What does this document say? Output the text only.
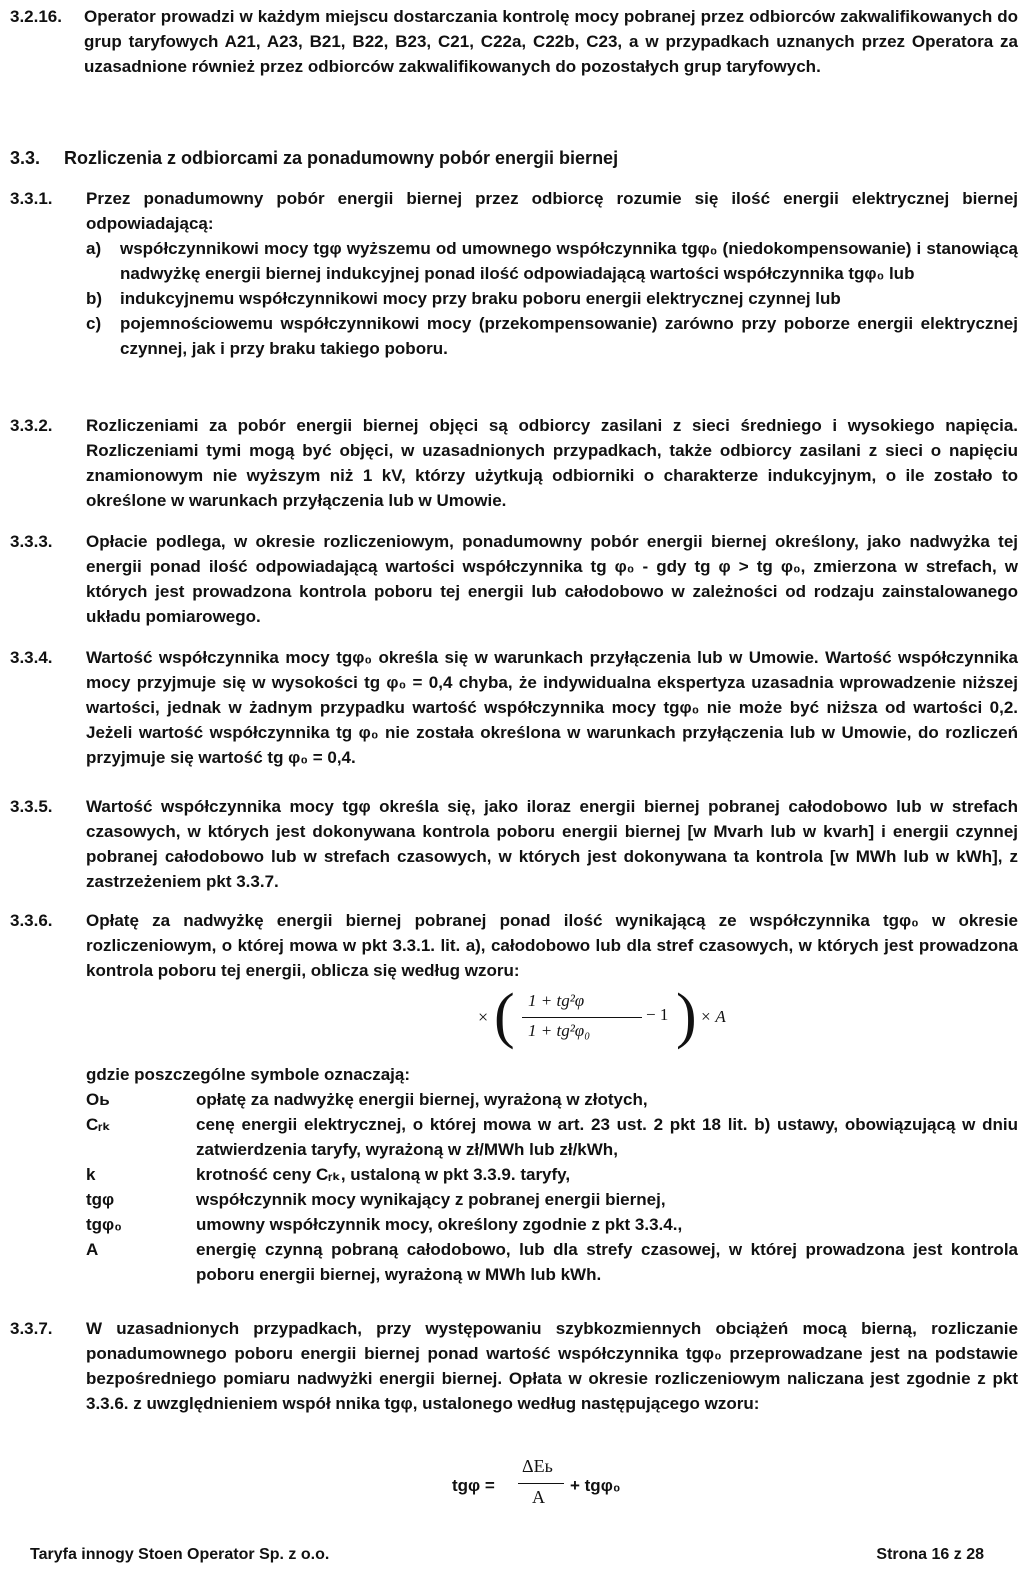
3.2.16. Operator prowadzi w każdym miejscu dostarczania kontrolę mocy pobranej przez odbiorców zakwalifikowanych do grup taryfowych A21, A23, B21, B22, B23, C21, C22a, C22b, C23, a w przypadkach uznanych przez Operatora za uzasadnione również przez odbiorców zakwalifikowanych do pozostałych grup taryfowych.
3.3. Rozliczenia z odbiorcami za ponadumowny pobór energii biernej
3.3.1. Przez ponadumowny pobór energii biernej przez odbiorcę rozumie się ilość energii elektrycznej biernej odpowiadającą:
a) współczynnikowi mocy tgφ wyższemu od umownego współczynnika tgφ₀ (niedokompensowanie) i stanowiącą nadwyżkę energii biernej indukcyjnej ponad ilość odpowiadającą wartości współczynnika tgφ₀ lub
b) indukcyjnemu współczynnikowi mocy przy braku poboru energii elektrycznej czynnej lub
c) pojemnościowemu współczynnikowi mocy (przekompensowanie) zarówno przy poborze energii elektrycznej czynnej, jak i przy braku takiego poboru.
3.3.2. Rozliczeniami za pobór energii biernej objęci są odbiorcy zasilani z sieci średniego i wysokiego napięcia. Rozliczeniami tymi mogą być objęci, w uzasadnionych przypadkach, także odbiorcy zasilani z sieci o napięciu znamionowym nie wyższym niż 1 kV, którzy użytkują odbiorniki o charakterze indukcyjnym, o ile zostało to określone w warunkach przyłączenia lub w Umowie.
3.3.3. Opłacie podlega, w okresie rozliczeniowym, ponadumowny pobór energii biernej określony, jako nadwyżka tej energii ponad ilość odpowiadającą wartości współczynnika tg φ₀ - gdy tg φ > tg φ₀, zmierzona w strefach, w których jest prowadzona kontrola poboru tej energii lub całodobowo w zależności od rodzaju zainstalowanego układu pomiarowego.
3.3.4. Wartość współczynnika mocy tgφ₀ określa się w warunkach przyłączenia lub w Umowie. Wartość współczynnika mocy przyjmuje się w wysokości tg φ₀ = 0,4 chyba, że indywidualna ekspertyza uzasadnia wprowadzenie niższej wartości, jednak w żadnym przypadku wartość współczynnika mocy tgφ₀ nie może być niższa od wartości 0,2. Jeżeli wartość współczynnika tg φ₀ nie została określona w warunkach przyłączenia lub w Umowie, do rozliczeń przyjmuje się wartość tg φ₀ = 0,4.
3.3.5. Wartość współczynnika mocy tgφ określa się, jako iloraz energii biernej pobranej całodobowo lub w strefach czasowych, w których jest dokonywana kontrola poboru energii biernej [w Mvarh lub w kvarh] i energii czynnej pobranej całodobowo lub w strefach czasowych, w których jest dokonywana ta kontrola [w MWh lub w kWh], z zastrzeżeniem pkt 3.3.7.
3.3.6. Opłatę za nadwyżkę energii biernej pobranej ponad ilość wynikającą ze współczynnika tgφ₀ w okresie rozliczeniowym, o której mowa w pkt 3.3.1. lit. a), całodobowo lub dla stref czasowych, w których jest prowadzona kontrola poboru tej energii, oblicza się według wzoru:
× ( 1 + tg²φ
1 + tg²φ₀
− 1 ) × A
gdzie poszczególne symbole oznaczają:
Oь	opłatę za nadwyżkę energii biernej, wyrażoną w złotych,
Cᵣₖ	cenę energii elektrycznej, o której mowa w art. 23 ust. 2 pkt 18 lit. b) ustawy, obowiązującą w dniu zatwierdzenia taryfy, wyrażoną w zł/MWh lub zł/kWh,
k	krotność ceny Cᵣₖ, ustaloną w pkt 3.3.9. taryfy,
tgφ	współczynnik mocy wynikający z pobranej energii biernej,
tgφ₀	umowny współczynnik mocy, określony zgodnie z pkt 3.3.4.,
A	energię czynną pobraną całodobowo, lub dla strefy czasowej, w której prowadzona jest kontrola poboru energii biernej, wyrażoną w MWh lub kWh.
3.3.7. W uzasadnionych przypadkach, przy występowaniu szybkozmiennych obciążeń mocą bierną, rozliczanie ponadumownego poboru energii biernej ponad wartość współczynnika tgφ₀ przeprowadzane jest na podstawie bezpośredniego pomiaru nadwyżki energii biernej. Opłata w okresie rozliczeniowym naliczana jest zgodnie z pkt 3.3.6. z uwzględnieniem współ nnika tgφ, ustalonego według następującego wzoru:
tgφ =
ΔEь
A
+ tgφ₀
Taryfa innogy Stoen Operator Sp. z o.o.	Strona 16 z 28
